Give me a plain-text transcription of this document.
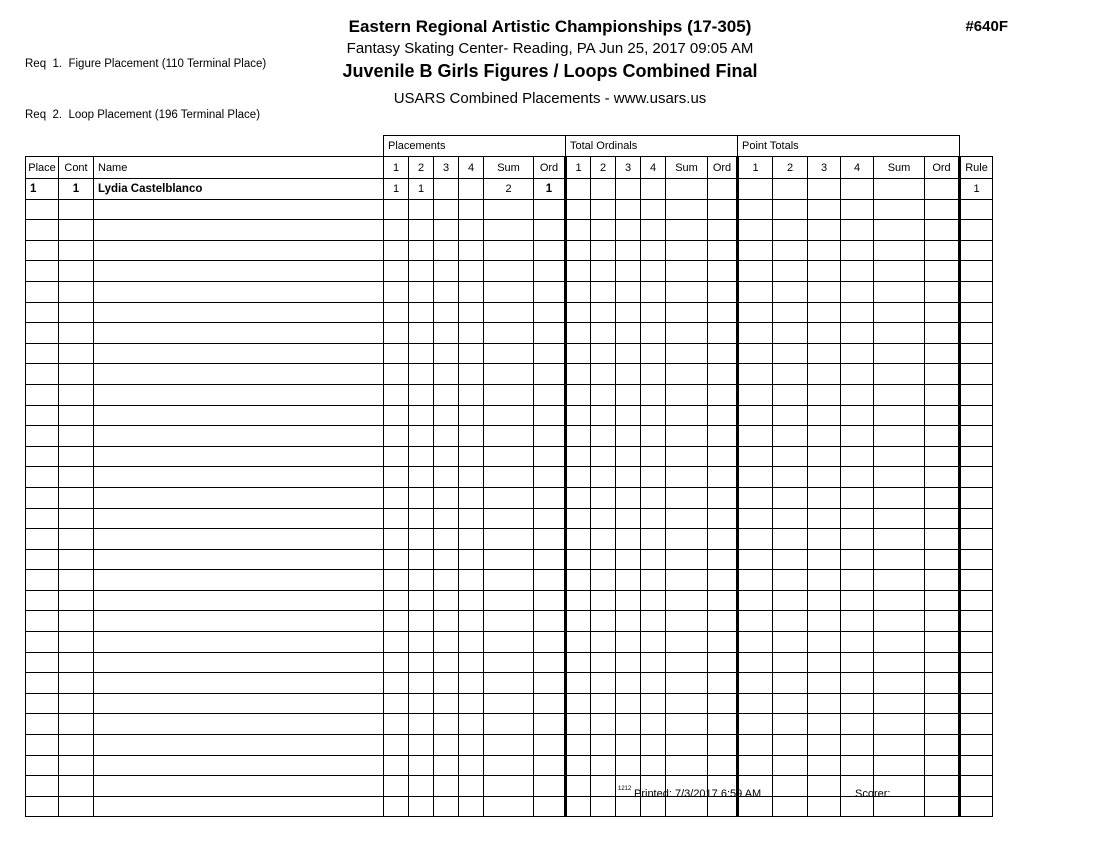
Req  1.  Figure Placement (110 Terminal Place)

Req  2.  Loop Placement (196 Terminal Place)

Eastern Regional Artistic Championships (17-305)
Fantasy Skating Center- Reading, PA Jun 25, 2017 09:05 AM
Juvenile B Girls Figures / Loops Combined Final
USARS Combined Placements - www.usars.us
#640F
			Placements						Total Ordinals						Point Totals						
Place	Cont	Name	1	2	3	4	Sum	Ord	1	2	3	4	Sum	Ord	1	2	3	4	Sum	Ord	Rule
1	1	Lydia Castelblanco	1	1			2	1													1

1212 Printed: 7/3/2017 6:59 AM	Scorer:
